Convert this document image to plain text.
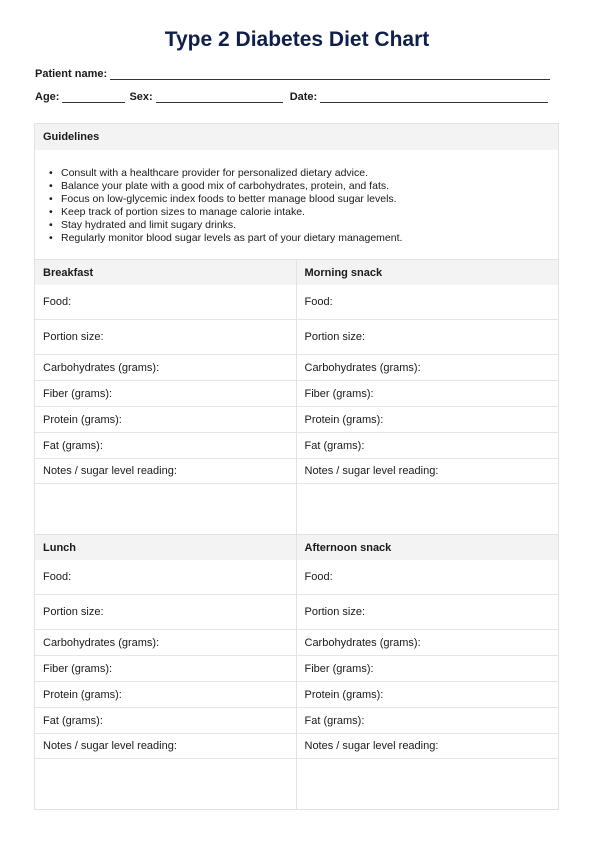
Type 2 Diabetes Diet Chart
Patient name:
Age:	Sex:	Date:
Guidelines
• Consult with a healthcare provider for personalized dietary advice.
• Balance your plate with a good mix of carbohydrates, protein, and fats.
• Focus on low-glycemic index foods to better manage blood sugar levels.
• Keep track of portion sizes to manage calorie intake.
• Stay hydrated and limit sugary drinks.
• Regularly monitor blood sugar levels as part of your dietary management.
Breakfast
Food:
Portion size:
Carbohydrates (grams):
Fiber (grams):
Protein (grams):
Fat (grams):
Notes / sugar level reading:
Morning snack
Food:
Portion size:
Carbohydrates (grams):
Fiber (grams):
Protein (grams):
Fat (grams):
Notes / sugar level reading:
Lunch
Food:
Portion size:
Carbohydrates (grams):
Fiber (grams):
Protein (grams):
Fat (grams):
Notes / sugar level reading:
Afternoon snack
Food:
Portion size:
Carbohydrates (grams):
Fiber (grams):
Protein (grams):
Fat (grams):
Notes / sugar level reading:
